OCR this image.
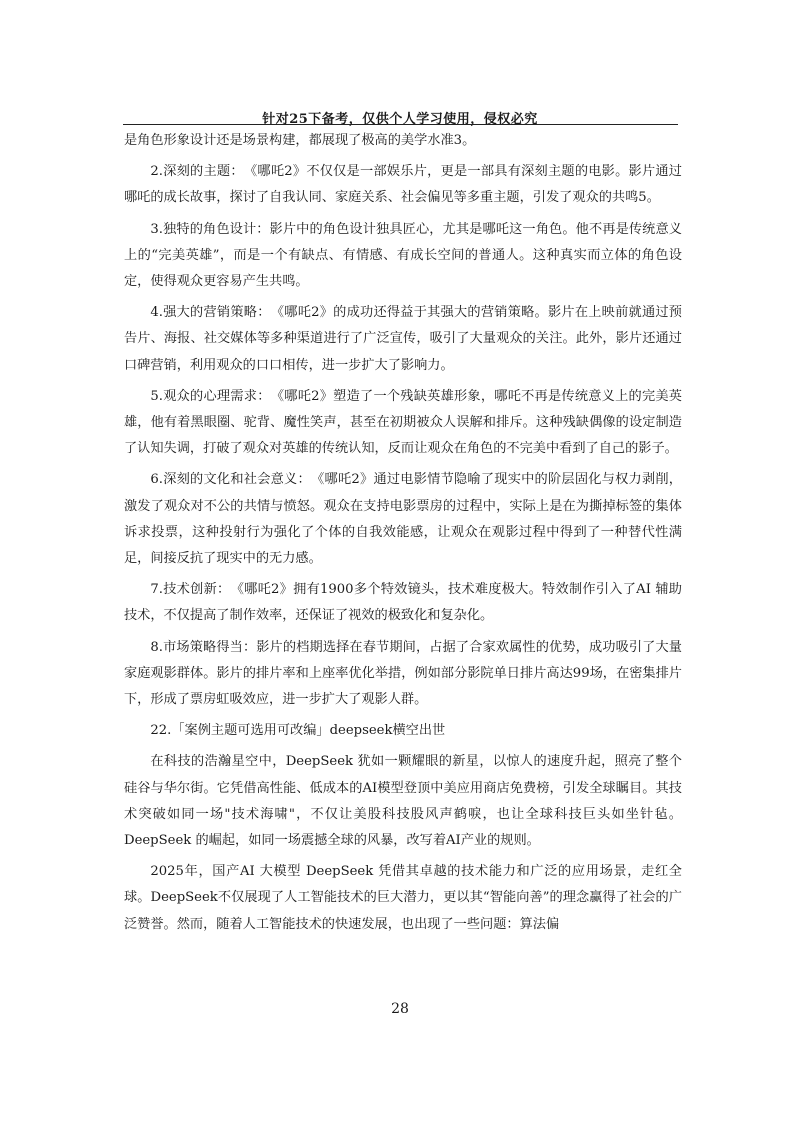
针对25下备考，仅供个人学习使用，侵权必究

是角色形象设计还是场景构建，都展现了极高的美学水准3。

2.深刻的主题：　《哪吒2》不仅仅是一部娱乐片，更是一部具有深刻主题的电影。影片通过哪吒的成长故事，探讨了自我认同、家庭关系、社会偏见等多重主题，引发了观众的共鸣5。

3.独特的角色设计：影片中的角色设计独具匠心，尤其是哪吒这一角色。他不再是传统意义上的“完美英雄”，而是一个有缺点、有情感、有成长空间的普通人。这种真实而立体的角色设定，使得观众更容易产生共鸣。

4.强大的营销策略：　《哪吒2》的成功还得益于其强大的营销策略。影片在上映前就通过预告片、海报、社交媒体等多种渠道进行了广泛宣传，吸引了大量观众的关注。此外，影片还通过口碑营销，利用观众的口口相传，进一步扩大了影响力。

5.观众的心理需求：　《哪吒2》塑造了一个残缺英雄形象，哪吒不再是传统意义上的完美英雄，他有着黑眼圈、驼背、魔性笑声，甚至在初期被众人误解和排斥。这种残缺偶像的设定制造了认知失调，打破了观众对英雄的传统认知，反而让观众在角色的不完美中看到了自己的影子。

6.深刻的文化和社会意义：　《哪吒2》通过电影情节隐喻了现实中的阶层固化与权力剥削，激发了观众对不公的共情与愤怒。观众在支持电影票房的过程中，实际上是在为撕掉标签的集体诉求投票，这种投射行为强化了个体的自我效能感，让观众在观影过程中得到了一种替代性满足，间接反抗了现实中的无力感。

7.技术创新：　《哪吒2》拥有1900多个特效镜头，技术难度极大。特效制作引入了AI 辅助技术，不仅提高了制作效率，还保证了视效的极致化和复杂化。

8.市场策略得当：影片的档期选择在春节期间，占据了合家欢属性的优势，成功吸引了大量家庭观影群体。影片的排片率和上座率优化举措，例如部分影院单日排片高达99场，在密集排片下，形成了票房虹吸效应，进一步扩大了观影人群。

22.「案例主题可选用可改编」deepseek横空出世

在科技的浩瀚星空中，DeepSeek 犹如一颗耀眼的新星，以惊人的速度升起，照亮了整个硅谷与华尔街。它凭借高性能、低成本的AI模型登顶中美应用商店免费榜，引发全球瞩目。其技术突破如同一场"技术海啸"，不仅让美股科技股风声鹤唳，也让全球科技巨头如坐针毡。DeepSeek 的崛起，如同一场震撼全球的风暴，改写着AI产业的规则。

2025年，国产AI 大模型 DeepSeek 凭借其卓越的技术能力和广泛的应用场景，走红全球。DeepSeek不仅展现了人工智能技术的巨大潜力，更以其“智能向善”的理念赢得了社会的广泛赞誉。然而，随着人工智能技术的快速发展，也出现了一些问题：算法偏

28
